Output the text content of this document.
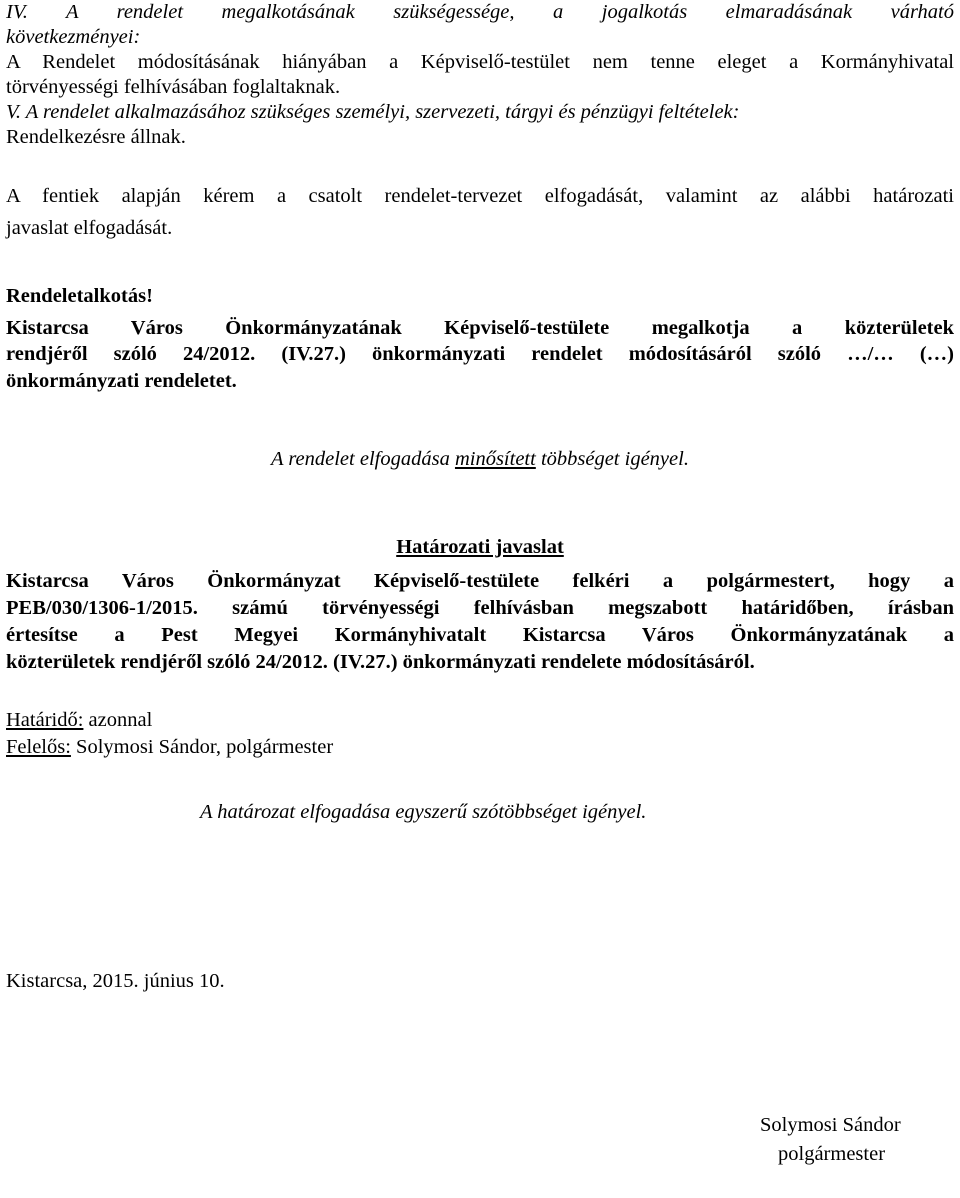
IV. A rendelet megalkotásának szükségessége, a jogalkotás elmaradásának várható

következményei:

A Rendelet módosításának hiányában a Képviselő-testület nem tenne eleget a Kormányhivatal

törvényességi felhívásában foglaltaknak.

V. A rendelet alkalmazásához szükséges személyi, szervezeti, tárgyi és pénzügyi feltételek:

Rendelkezésre állnak.

A fentiek alapján kérem a csatolt rendelet-tervezet elfogadását, valamint az alábbi határozati

javaslat elfogadását.

Rendeletalkotás!

Kistarcsa Város Önkormányzatának Képviselő-testülete megalkotja a közterületek

rendjéről szóló 24/2012. (IV.27.) önkormányzati rendelet módosításáról szóló …/… (…)

önkormányzati rendeletet.

A rendelet elfogadása minősített többséget igényel.

Határozati javaslat

Kistarcsa Város Önkormányzat Képviselő-testülete felkéri a polgármestert, hogy a

PEB/030/1306-1/2015. számú törvényességi felhívásban megszabott határidőben, írásban

értesítse a Pest Megyei Kormányhivatalt Kistarcsa Város Önkormányzatának a

közterületek rendjéről szóló 24/2012. (IV.27.) önkormányzati rendelete módosításáról.

Határidő: azonnal

Felelős: Solymosi Sándor, polgármester

A határozat elfogadása egyszerű szótöbbséget igényel.

Kistarcsa, 2015. június 10.

Solymosi Sándor

polgármester
